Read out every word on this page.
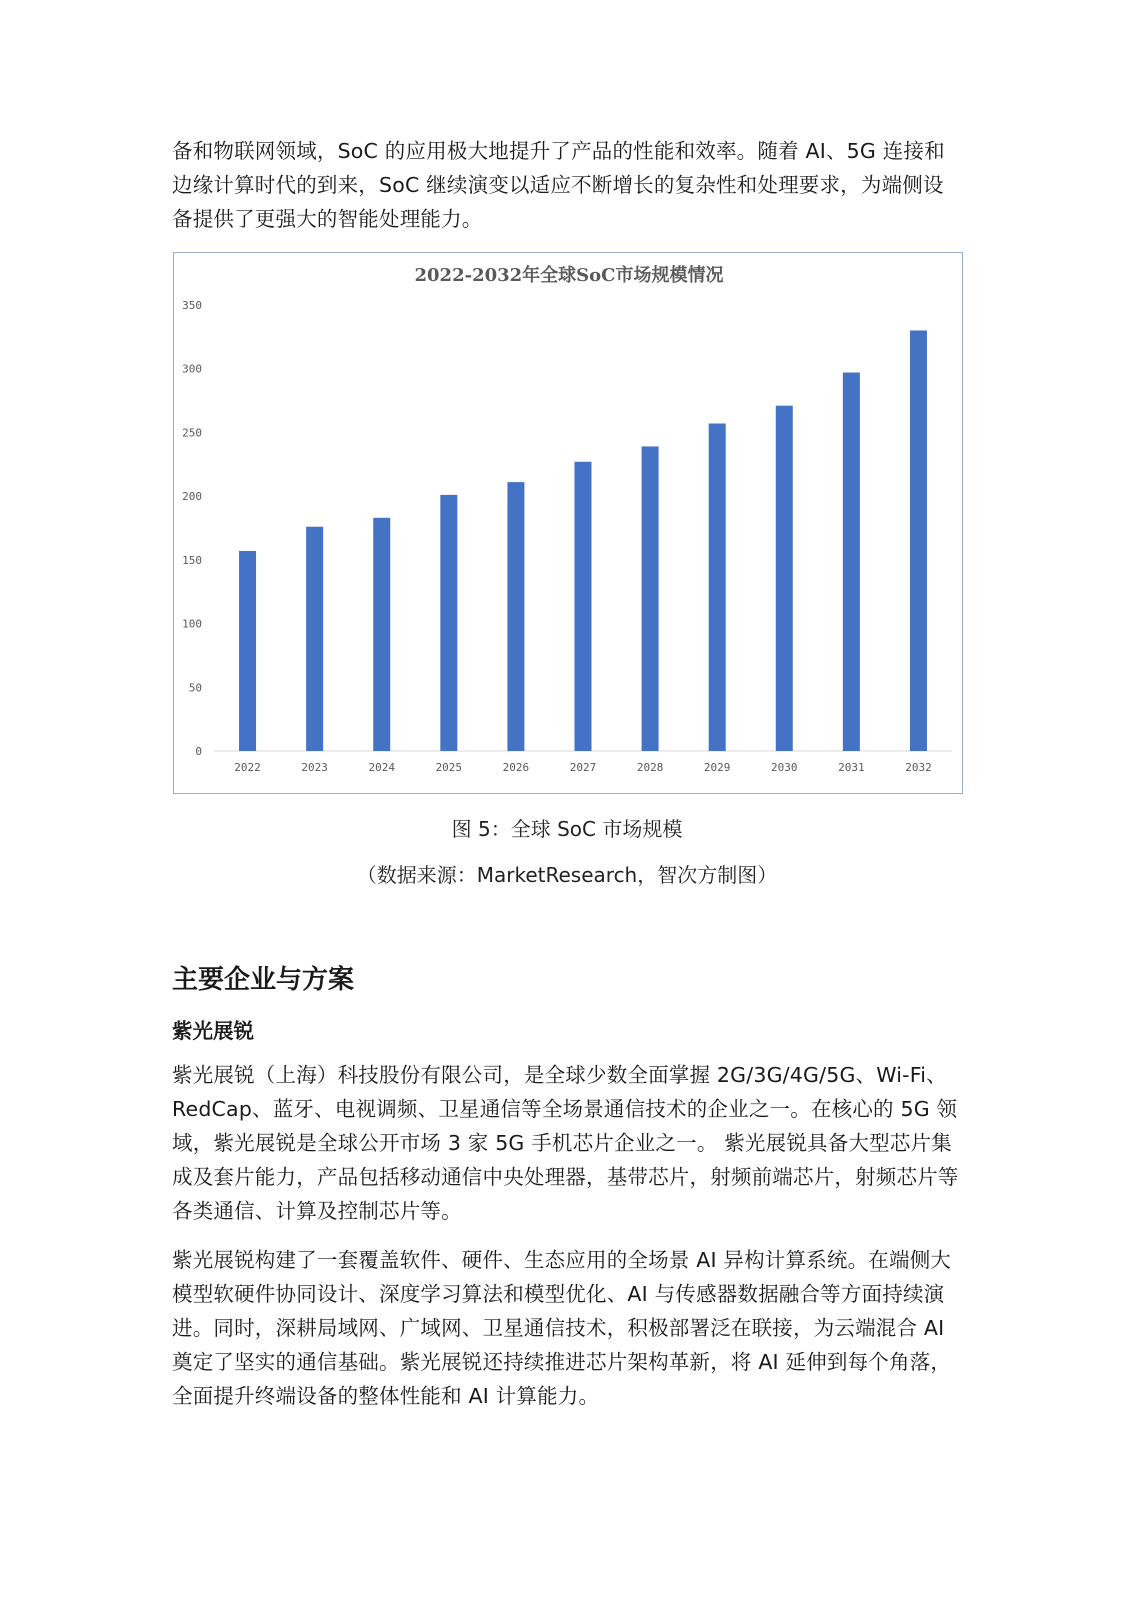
备和物联网领域，SoC 的应用极大地提升了产品的性能和效率。随着 AI、5G 连接和边缘计算时代的到来，SoC 继续演变以适应不断增长的复杂性和处理要求，为端侧设备提供了更强大的智能处理能力。

2022-2032年全球SoC市场规模情况
0
50
100
150
200
250
300
350
2022	2023	2024	2025	2026	2027	2028	2029	2030	2031	2032

图 5：全球 SoC 市场规模

（数据来源：MarketResearch，智次方制图）

主要企业与方案
紫光展锐

紫光展锐（上海）科技股份有限公司，是全球少数全面掌握 2G/3G/4G/5G、Wi-Fi、RedCap、蓝牙、电视调频、卫星通信等全场景通信技术的企业之一。在核心的 5G 领域，紫光展锐是全球公开市场 3 家 5G 手机芯片企业之一。 紫光展锐具备大型芯片集成及套片能力，产品包括移动通信中央处理器，基带芯片，射频前端芯片，射频芯片等各类通信、计算及控制芯片等。

紫光展锐构建了一套覆盖软件、硬件、生态应用的全场景 AI 异构计算系统。在端侧大模型软硬件协同设计、深度学习算法和模型优化、AI 与传感器数据融合等方面持续演进。同时，深耕局域网、广域网、卫星通信技术，积极部署泛在联接，为云端混合 AI 奠定了坚实的通信基础。紫光展锐还持续推进芯片架构革新，将 AI 延伸到每个角落，全面提升终端设备的整体性能和 AI 计算能力。
